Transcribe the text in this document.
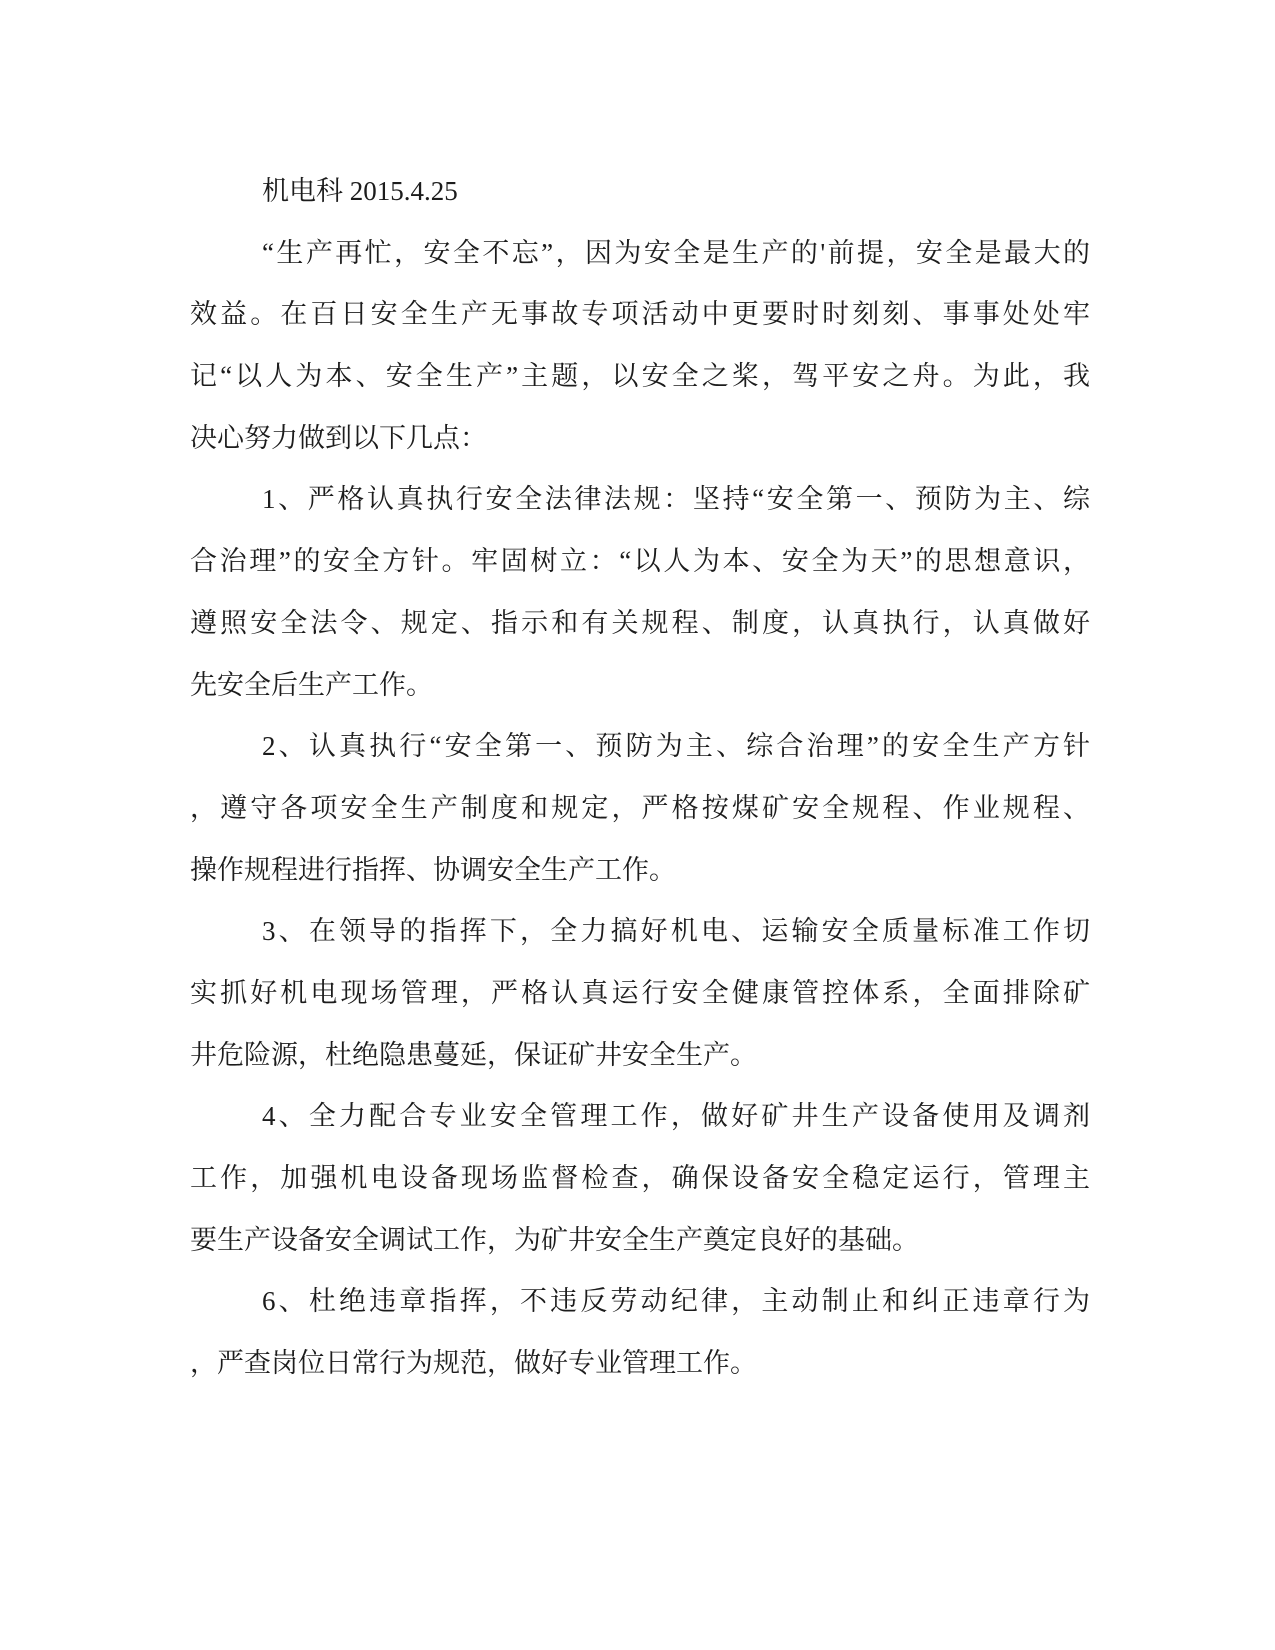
机电科 2015.4.25
“生产再忙，安全不忘”，因为安全是生产的'前提，安全是最大的
效益。在百日安全生产无事故专项活动中更要时时刻刻、事事处处牢
记“以人为本、安全生产”主题，以安全之桨，驾平安之舟。为此，我
决心努力做到以下几点：
1、严格认真执行安全法律法规：坚持“安全第一、预防为主、综
合治理”的安全方针。牢固树立：“以人为本、安全为天”的思想意识，
遵照安全法令、规定、指示和有关规程、制度，认真执行，认真做好
先安全后生产工作。
2、认真执行“安全第一、预防为主、综合治理”的安全生产方针
，遵守各项安全生产制度和规定，严格按煤矿安全规程、作业规程、
操作规程进行指挥、协调安全生产工作。
3、在领导的指挥下，全力搞好机电、运输安全质量标准工作切
实抓好机电现场管理，严格认真运行安全健康管控体系，全面排除矿
井危险源，杜绝隐患蔓延，保证矿井安全生产。
4、全力配合专业安全管理工作，做好矿井生产设备使用及调剂
工作，加强机电设备现场监督检查，确保设备安全稳定运行，管理主
要生产设备安全调试工作，为矿井安全生产奠定良好的基础。
6、杜绝违章指挥，不违反劳动纪律，主动制止和纠正违章行为
，严查岗位日常行为规范，做好专业管理工作。
